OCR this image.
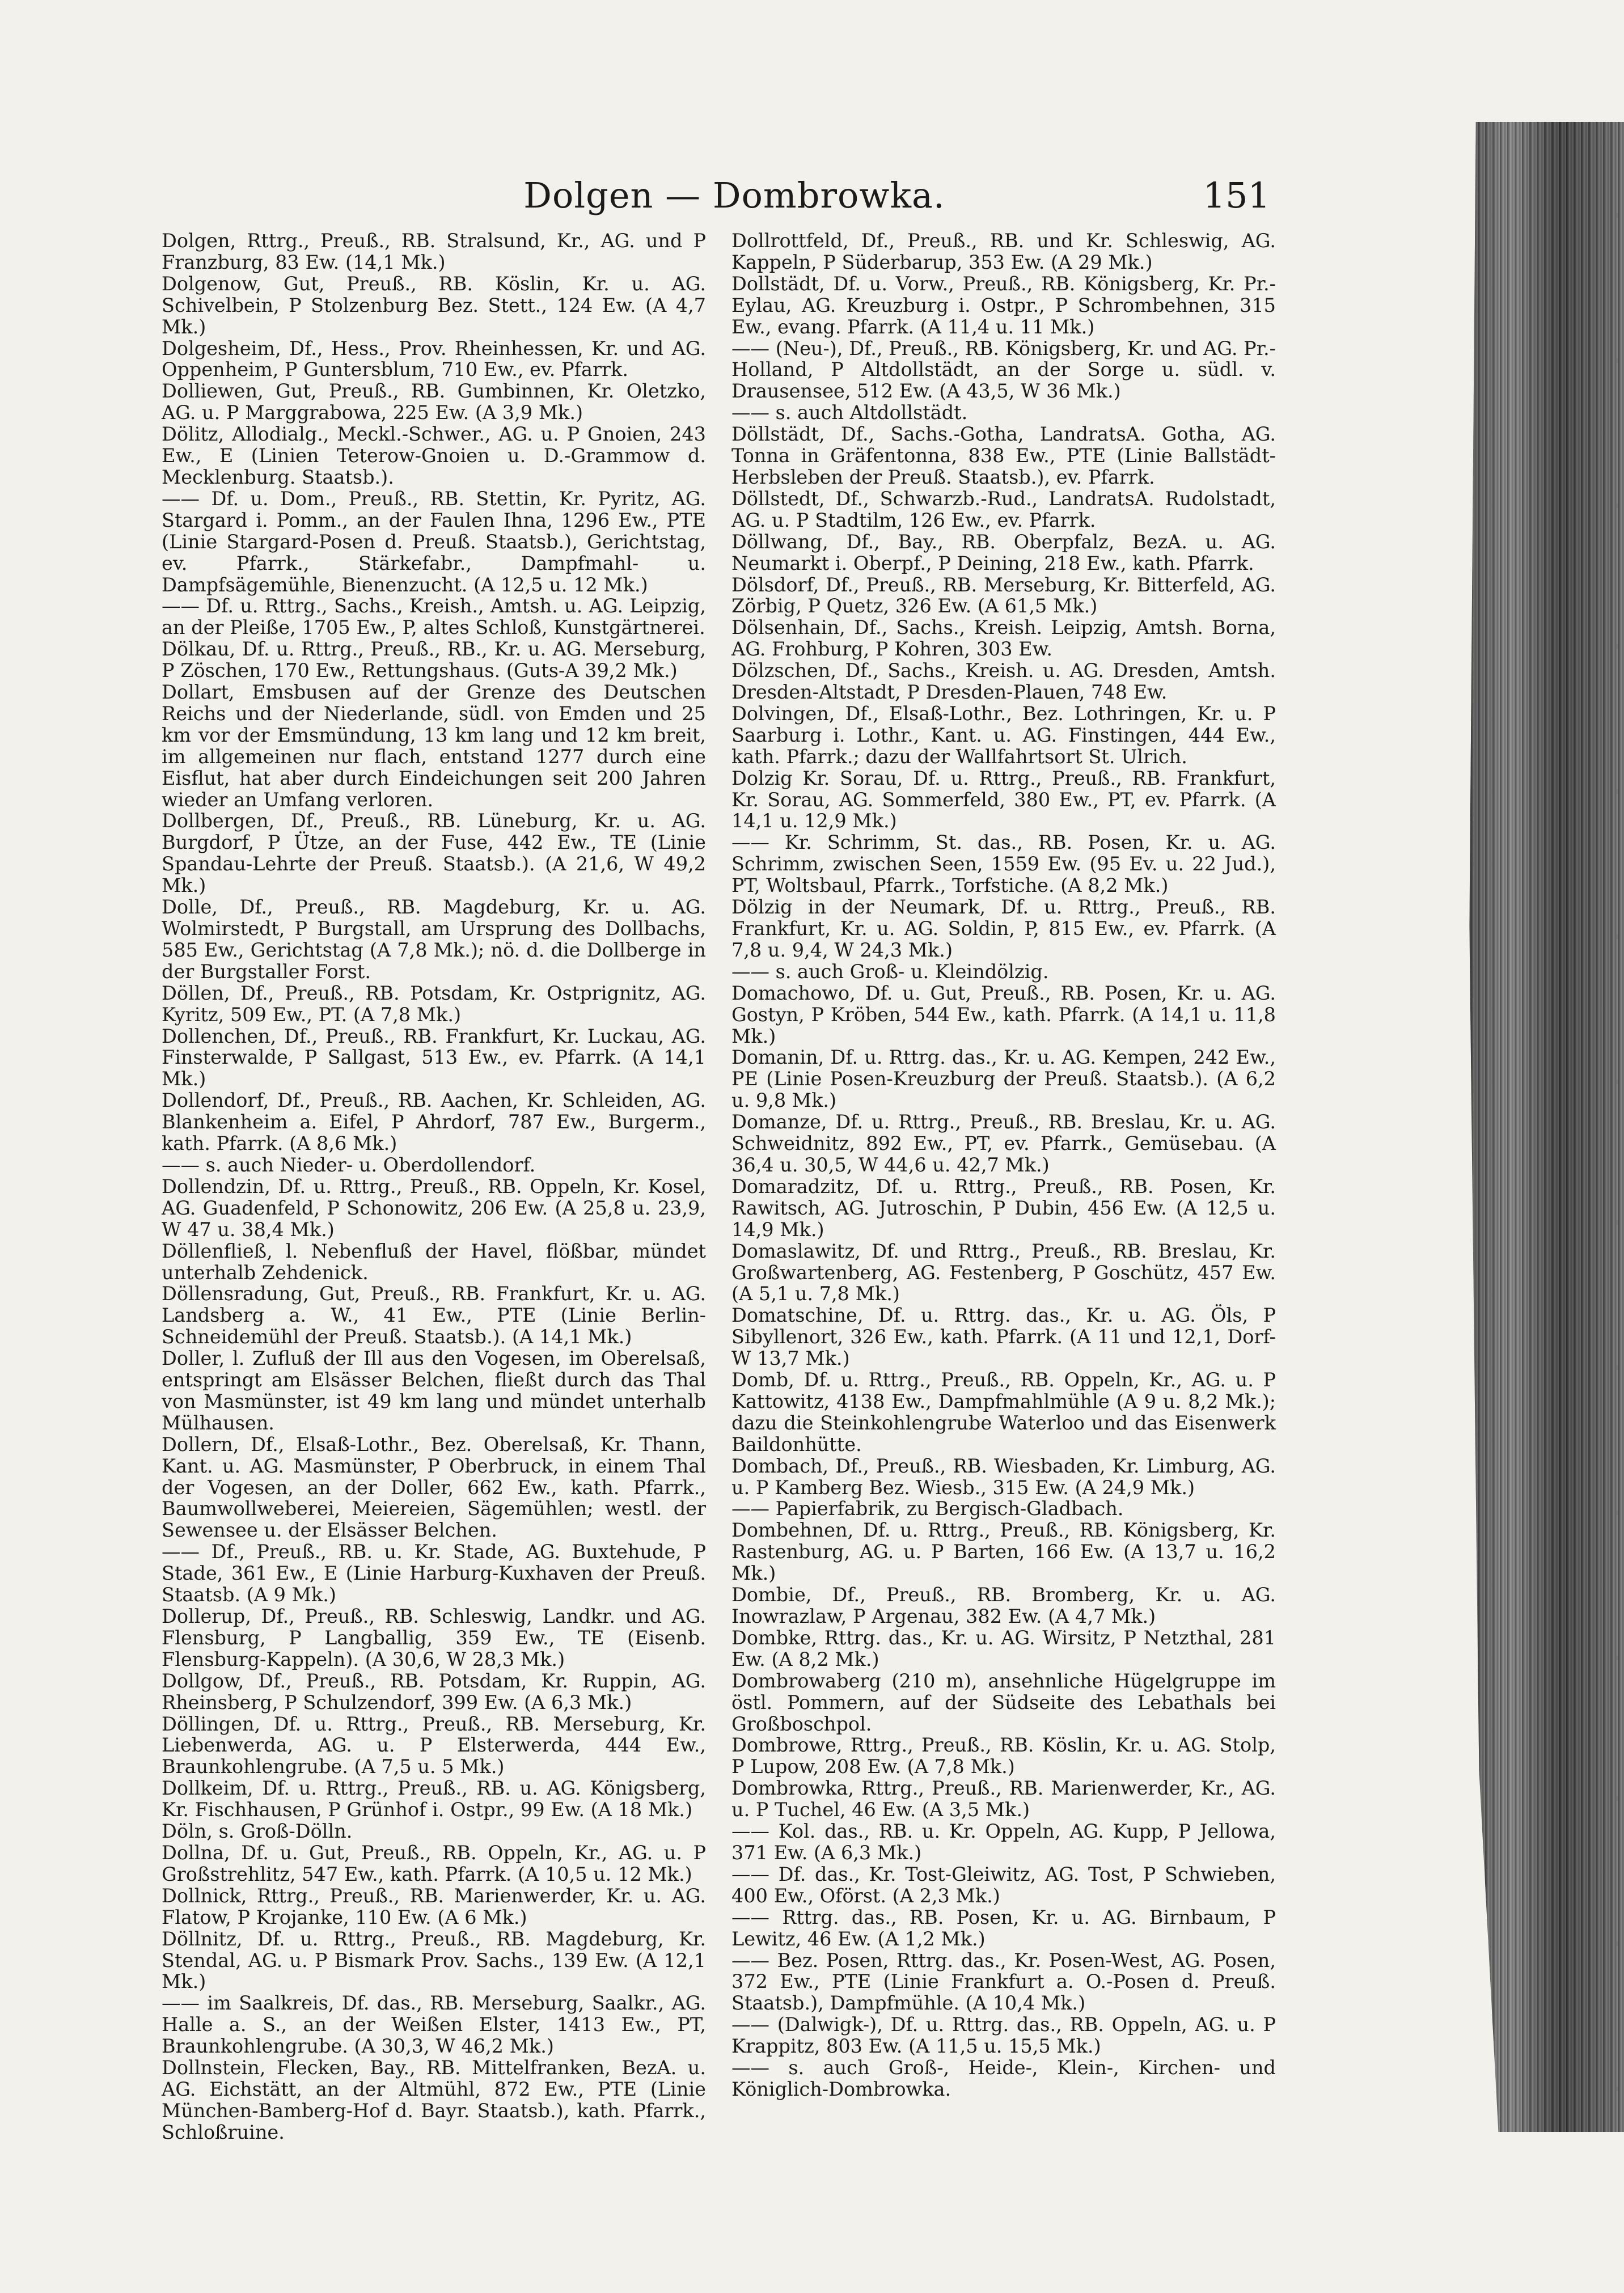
Dolgen — Dombrowka.	151

Dolgen, Rttrg., Preuß., RB. Stralsund, Kr., AG. und P Franzburg, 83 Ew. (14,1 Mk.)

Dolgenow, Gut, Preuß., RB. Köslin, Kr. u. AG. Schivelbein, P Stolzenburg Bez. Stett., 124 Ew. (A 4,7 Mk.)

Dolgesheim, Df., Hess., Prov. Rheinhessen, Kr. und AG. Oppenheim, P Guntersblum, 710 Ew., ev. Pfarrk.

Dolliewen, Gut, Preuß., RB. Gumbinnen, Kr. Oletzko, AG. u. P Marggrabowa, 225 Ew. (A 3,9 Mk.)

Dölitz, Allodialg., Meckl.-Schwer., AG. u. P Gnoien, 243 Ew., E (Linien Teterow-Gnoien u. D.-Grammow d. Mecklenburg. Staatsb.).

—— Df. u. Dom., Preuß., RB. Stettin, Kr. Pyritz, AG. Stargard i. Pomm., an der Faulen Ihna, 1296 Ew., PTE (Linie Stargard-Posen d. Preuß. Staatsb.), Gerichtstag, ev. Pfarrk., Stärkefabr., Dampfmahl- u. Dampfsägemühle, Bienenzucht. (A 12,5 u. 12 Mk.)

—— Df. u. Rttrg., Sachs., Kreish., Amtsh. u. AG. Leipzig, an der Pleiße, 1705 Ew., P, altes Schloß, Kunstgärtnerei.

Dölkau, Df. u. Rttrg., Preuß., RB., Kr. u. AG. Merseburg, P Zöschen, 170 Ew., Rettungshaus. (Guts-A 39,2 Mk.)

Dollart, Emsbusen auf der Grenze des Deutschen Reichs und der Niederlande, südl. von Emden und 25 km vor der Emsmündung, 13 km lang und 12 km breit, im allgemeinen nur flach, entstand 1277 durch eine Eisflut, hat aber durch Eindeichungen seit 200 Jahren wieder an Umfang verloren.

Dollbergen, Df., Preuß., RB. Lüneburg, Kr. u. AG. Burgdorf, P Ütze, an der Fuse, 442 Ew., TE (Linie Spandau-Lehrte der Preuß. Staatsb.). (A 21,6, W 49,2 Mk.)

Dolle, Df., Preuß., RB. Magdeburg, Kr. u. AG. Wolmirstedt, P Burgstall, am Ursprung des Dollbachs, 585 Ew., Gerichtstag (A 7,8 Mk.); nö. d. die Dollberge in der Burgstaller Forst.

Döllen, Df., Preuß., RB. Potsdam, Kr. Ostprignitz, AG. Kyritz, 509 Ew., PT. (A 7,8 Mk.)

Dollenchen, Df., Preuß., RB. Frankfurt, Kr. Luckau, AG. Finsterwalde, P Sallgast, 513 Ew., ev. Pfarrk. (A 14,1 Mk.)

Dollendorf, Df., Preuß., RB. Aachen, Kr. Schleiden, AG. Blankenheim a. Eifel, P Ahrdorf, 787 Ew., Burgerm., kath. Pfarrk. (A 8,6 Mk.)

—— s. auch Nieder- u. Oberdollendorf.

Dollendzin, Df. u. Rttrg., Preuß., RB. Oppeln, Kr. Kosel, AG. Guadenfeld, P Schonowitz, 206 Ew. (A 25,8 u. 23,9, W 47 u. 38,4 Mk.)

Döllenfließ, l. Nebenfluß der Havel, flößbar, mündet unterhalb Zehdenick.

Döllensradung, Gut, Preuß., RB. Frankfurt, Kr. u. AG. Landsberg a. W., 41 Ew., PTE (Linie Berlin-Schneidemühl der Preuß. Staatsb.). (A 14,1 Mk.)

Doller, l. Zufluß der Ill aus den Vogesen, im Oberelsaß, entspringt am Elsässer Belchen, fließt durch das Thal von Masmünster, ist 49 km lang und mündet unterhalb Mülhausen.

Dollern, Df., Elsaß-Lothr., Bez. Oberelsaß, Kr. Thann, Kant. u. AG. Masmünster, P Oberbruck, in einem Thal der Vogesen, an der Doller, 662 Ew., kath. Pfarrk., Baumwollweberei, Meiereien, Sägemühlen; westl. der Sewensee u. der Elsässer Belchen.

—— Df., Preuß., RB. u. Kr. Stade, AG. Buxtehude, P Stade, 361 Ew., E (Linie Harburg-Kuxhaven der Preuß. Staatsb. (A 9 Mk.)

Dollerup, Df., Preuß., RB. Schleswig, Landkr. und AG. Flensburg, P Langballig, 359 Ew., TE (Eisenb. Flensburg-Kappeln). (A 30,6, W 28,3 Mk.)

Dollgow, Df., Preuß., RB. Potsdam, Kr. Ruppin, AG. Rheinsberg, P Schulzendorf, 399 Ew. (A 6,3 Mk.)

Döllingen, Df. u. Rttrg., Preuß., RB. Merseburg, Kr. Liebenwerda, AG. u. P Elsterwerda, 444 Ew., Braunkohlengrube. (A 7,5 u. 5 Mk.)

Dollkeim, Df. u. Rttrg., Preuß., RB. u. AG. Königsberg, Kr. Fischhausen, P Grünhof i. Ostpr., 99 Ew. (A 18 Mk.)

Döln, s. Groß-Dölln.

Dollna, Df. u. Gut, Preuß., RB. Oppeln, Kr., AG. u. P Großstrehlitz, 547 Ew., kath. Pfarrk. (A 10,5 u. 12 Mk.)

Dollnick, Rttrg., Preuß., RB. Marienwerder, Kr. u. AG. Flatow, P Krojanke, 110 Ew. (A 6 Mk.)

Döllnitz, Df. u. Rttrg., Preuß., RB. Magdeburg, Kr. Stendal, AG. u. P Bismark Prov. Sachs., 139 Ew. (A 12,1 Mk.)

—— im Saalkreis, Df. das., RB. Merseburg, Saalkr., AG. Halle a. S., an der Weißen Elster, 1413 Ew., PT, Braunkohlengrube. (A 30,3, W 46,2 Mk.)

Dollnstein, Flecken, Bay., RB. Mittelfranken, BezA. u. AG. Eichstätt, an der Altmühl, 872 Ew., PTE (Linie München-Bamberg-Hof d. Bayr. Staatsb.), kath. Pfarrk., Schloßruine.

Dollrottfeld, Df., Preuß., RB. und Kr. Schleswig, AG. Kappeln, P Süderbarup, 353 Ew. (A 29 Mk.)

Dollstädt, Df. u. Vorw., Preuß., RB. Königsberg, Kr. Pr.-Eylau, AG. Kreuzburg i. Ostpr., P Schrombehnen, 315 Ew., evang. Pfarrk. (A 11,4 u. 11 Mk.)

—— (Neu-), Df., Preuß., RB. Königsberg, Kr. und AG. Pr.-Holland, P Altdollstädt, an der Sorge u. südl. v. Drausensee, 512 Ew. (A 43,5, W 36 Mk.)

—— s. auch Altdollstädt.

Döllstädt, Df., Sachs.-Gotha, LandratsA. Gotha, AG. Tonna in Gräfentonna, 838 Ew., PTE (Linie Ballstädt-Herbsleben der Preuß. Staatsb.), ev. Pfarrk.

Döllstedt, Df., Schwarzb.-Rud., LandratsA. Rudolstadt, AG. u. P Stadtilm, 126 Ew., ev. Pfarrk.

Döllwang, Df., Bay., RB. Oberpfalz, BezA. u. AG. Neumarkt i. Oberpf., P Deining, 218 Ew., kath. Pfarrk.

Dölsdorf, Df., Preuß., RB. Merseburg, Kr. Bitterfeld, AG. Zörbig, P Quetz, 326 Ew. (A 61,5 Mk.)

Dölsenhain, Df., Sachs., Kreish. Leipzig, Amtsh. Borna, AG. Frohburg, P Kohren, 303 Ew.

Dölzschen, Df., Sachs., Kreish. u. AG. Dresden, Amtsh. Dresden-Altstadt, P Dresden-Plauen, 748 Ew.

Dolvingen, Df., Elsaß-Lothr., Bez. Lothringen, Kr. u. P Saarburg i. Lothr., Kant. u. AG. Finstingen, 444 Ew., kath. Pfarrk.; dazu der Wallfahrtsort St. Ulrich.

Dolzig Kr. Sorau, Df. u. Rttrg., Preuß., RB. Frankfurt, Kr. Sorau, AG. Sommerfeld, 380 Ew., PT, ev. Pfarrk. (A 14,1 u. 12,9 Mk.)

—— Kr. Schrimm, St. das., RB. Posen, Kr. u. AG. Schrimm, zwischen Seen, 1559 Ew. (95 Ev. u. 22 Jud.), PT, Woltsbaul, Pfarrk., Torfstiche. (A 8,2 Mk.)

Dölzig in der Neumark, Df. u. Rttrg., Preuß., RB. Frankfurt, Kr. u. AG. Soldin, P, 815 Ew., ev. Pfarrk. (A 7,8 u. 9,4, W 24,3 Mk.)

—— s. auch Groß- u. Kleindölzig.

Domachowo, Df. u. Gut, Preuß., RB. Posen, Kr. u. AG. Gostyn, P Kröben, 544 Ew., kath. Pfarrk. (A 14,1 u. 11,8 Mk.)

Domanin, Df. u. Rttrg. das., Kr. u. AG. Kempen, 242 Ew., PE (Linie Posen-Kreuzburg der Preuß. Staatsb.). (A 6,2 u. 9,8 Mk.)

Domanze, Df. u. Rttrg., Preuß., RB. Breslau, Kr. u. AG. Schweidnitz, 892 Ew., PT, ev. Pfarrk., Gemüsebau. (A 36,4 u. 30,5, W 44,6 u. 42,7 Mk.)

Domaradzitz, Df. u. Rttrg., Preuß., RB. Posen, Kr. Rawitsch, AG. Jutroschin, P Dubin, 456 Ew. (A 12,5 u. 14,9 Mk.)

Domaslawitz, Df. und Rttrg., Preuß., RB. Breslau, Kr. Großwartenberg, AG. Festenberg, P Goschütz, 457 Ew. (A 5,1 u. 7,8 Mk.)

Domatschine, Df. u. Rttrg. das., Kr. u. AG. Öls, P Sibyllenort, 326 Ew., kath. Pfarrk. (A 11 und 12,1, Dorf-W 13,7 Mk.)

Domb, Df. u. Rttrg., Preuß., RB. Oppeln, Kr., AG. u. P Kattowitz, 4138 Ew., Dampfmahlmühle (A 9 u. 8,2 Mk.); dazu die Steinkohlengrube Waterloo und das Eisenwerk Baildonhütte.

Dombach, Df., Preuß., RB. Wiesbaden, Kr. Limburg, AG. u. P Kamberg Bez. Wiesb., 315 Ew. (A 24,9 Mk.)

—— Papierfabrik, zu Bergisch-Gladbach.

Dombehnen, Df. u. Rttrg., Preuß., RB. Königsberg, Kr. Rastenburg, AG. u. P Barten, 166 Ew. (A 13,7 u. 16,2 Mk.)

Dombie, Df., Preuß., RB. Bromberg, Kr. u. AG. Inowrazlaw, P Argenau, 382 Ew. (A 4,7 Mk.)

Dombke, Rttrg. das., Kr. u. AG. Wirsitz, P Netzthal, 281 Ew. (A 8,2 Mk.)

Dombrowaberg (210 m), ansehnliche Hügelgruppe im östl. Pommern, auf der Südseite des Lebathals bei Großboschpol.

Dombrowe, Rttrg., Preuß., RB. Köslin, Kr. u. AG. Stolp, P Lupow, 208 Ew. (A 7,8 Mk.)

Dombrowka, Rttrg., Preuß., RB. Marienwerder, Kr., AG. u. P Tuchel, 46 Ew. (A 3,5 Mk.)

—— Kol. das., RB. u. Kr. Oppeln, AG. Kupp, P Jellowa, 371 Ew. (A 6,3 Mk.)

—— Df. das., Kr. Tost-Gleiwitz, AG. Tost, P Schwieben, 400 Ew., Oförst. (A 2,3 Mk.)

—— Rttrg. das., RB. Posen, Kr. u. AG. Birnbaum, P Lewitz, 46 Ew. (A 1,2 Mk.)

—— Bez. Posen, Rttrg. das., Kr. Posen-West, AG. Posen, 372 Ew., PTE (Linie Frankfurt a. O.-Posen d. Preuß. Staatsb.), Dampfmühle. (A 10,4 Mk.)

—— (Dalwigk-), Df. u. Rttrg. das., RB. Oppeln, AG. u. P Krappitz, 803 Ew. (A 11,5 u. 15,5 Mk.)

—— s. auch Groß-, Heide-, Klein-, Kirchen- und Königlich-Dombrowka.
